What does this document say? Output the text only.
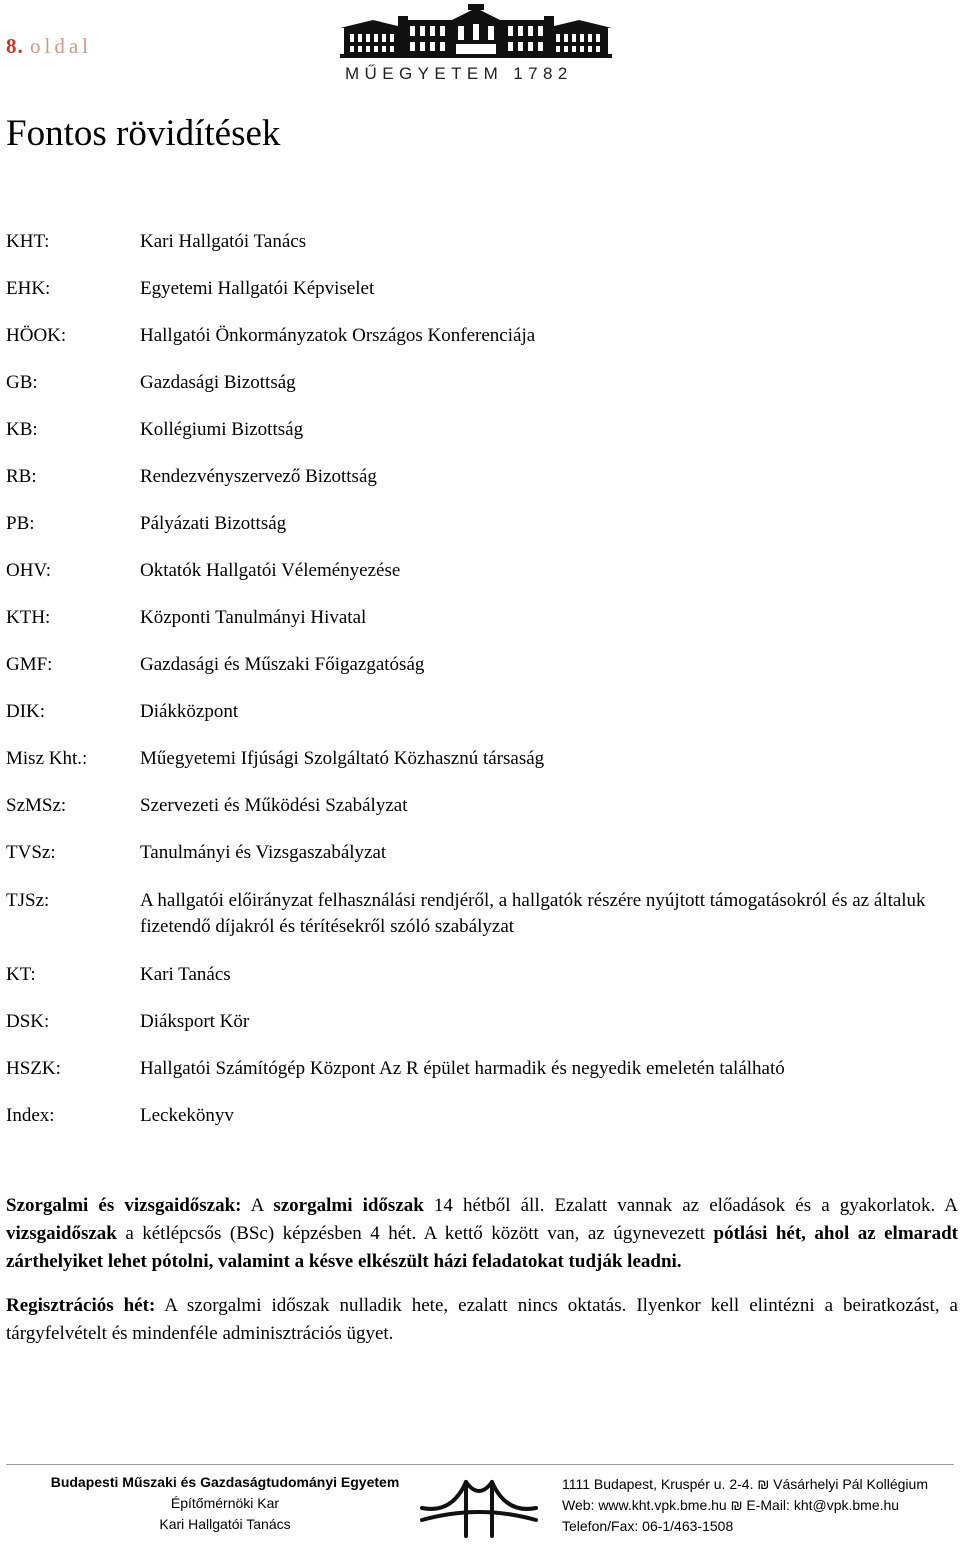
8. oldal
MŰEGYETEM 1782
Fontos rövidítések
KHT:	Kari Hallgatói Tanács
EHK:	Egyetemi Hallgatói Képviselet
HÖOK:	Hallgatói Önkormányzatok Országos Konferenciája
GB:	Gazdasági Bizottság
KB:	Kollégiumi Bizottság
RB:	Rendezvényszervező Bizottság
PB:	Pályázati Bizottság
OHV:	Oktatók Hallgatói Véleményezése
KTH:	Központi Tanulmányi Hivatal
GMF:	Gazdasági és Műszaki Főigazgatóság
DIK:	Diákközpont
Misz Kht.:	Műegyetemi Ifjúsági Szolgáltató Közhasznú társaság
SzMSz:	Szervezeti és Működési Szabályzat
TVSz:	Tanulmányi és Vizsgaszabályzat
TJSz:	A hallgatói előirányzat felhasználási rendjéről, a hallgatók részére nyújtott támogatásokról és az általuk fizetendő díjakról és térítésekről szóló szabályzat
KT:	Kari Tanács
DSK:	Diáksport Kör
HSZK:	Hallgatói Számítógép Központ Az R épület harmadik és negyedik emeletén található
Index:	Leckekönyv

Szorgalmi és vizsgaidőszak: A szorgalmi időszak 14 hétből áll. Ezalatt vannak az előadások és a gyakorlatok. A vizsgaidőszak a kétlépcsős (BSc) képzésben 4 hét. A kettő között van, az úgynevezett pótlási hét, ahol az elmaradt zárthelyiket lehet pótolni, valamint a késve elkészült házi feladatokat tudják leadni.

Regisztrációs hét: A szorgalmi időszak nulladik hete, ezalatt nincs oktatás. Ilyenkor kell elintézni a beiratkozást, a tárgyfelvételt és mindenféle adminisztrációs ügyet.

Budapesti Műszaki és Gazdaságtudományi Egyetem
Építőmérnöki Kar
Kari Hallgatói Tanács
1111 Budapest, Kruspér u. 2-4. ₪ Vásárhelyi Pál Kollégium
Web: www.kht.vpk.bme.hu ₪ E-Mail: kht@vpk.bme.hu
Telefon/Fax: 06-1/463-1508
